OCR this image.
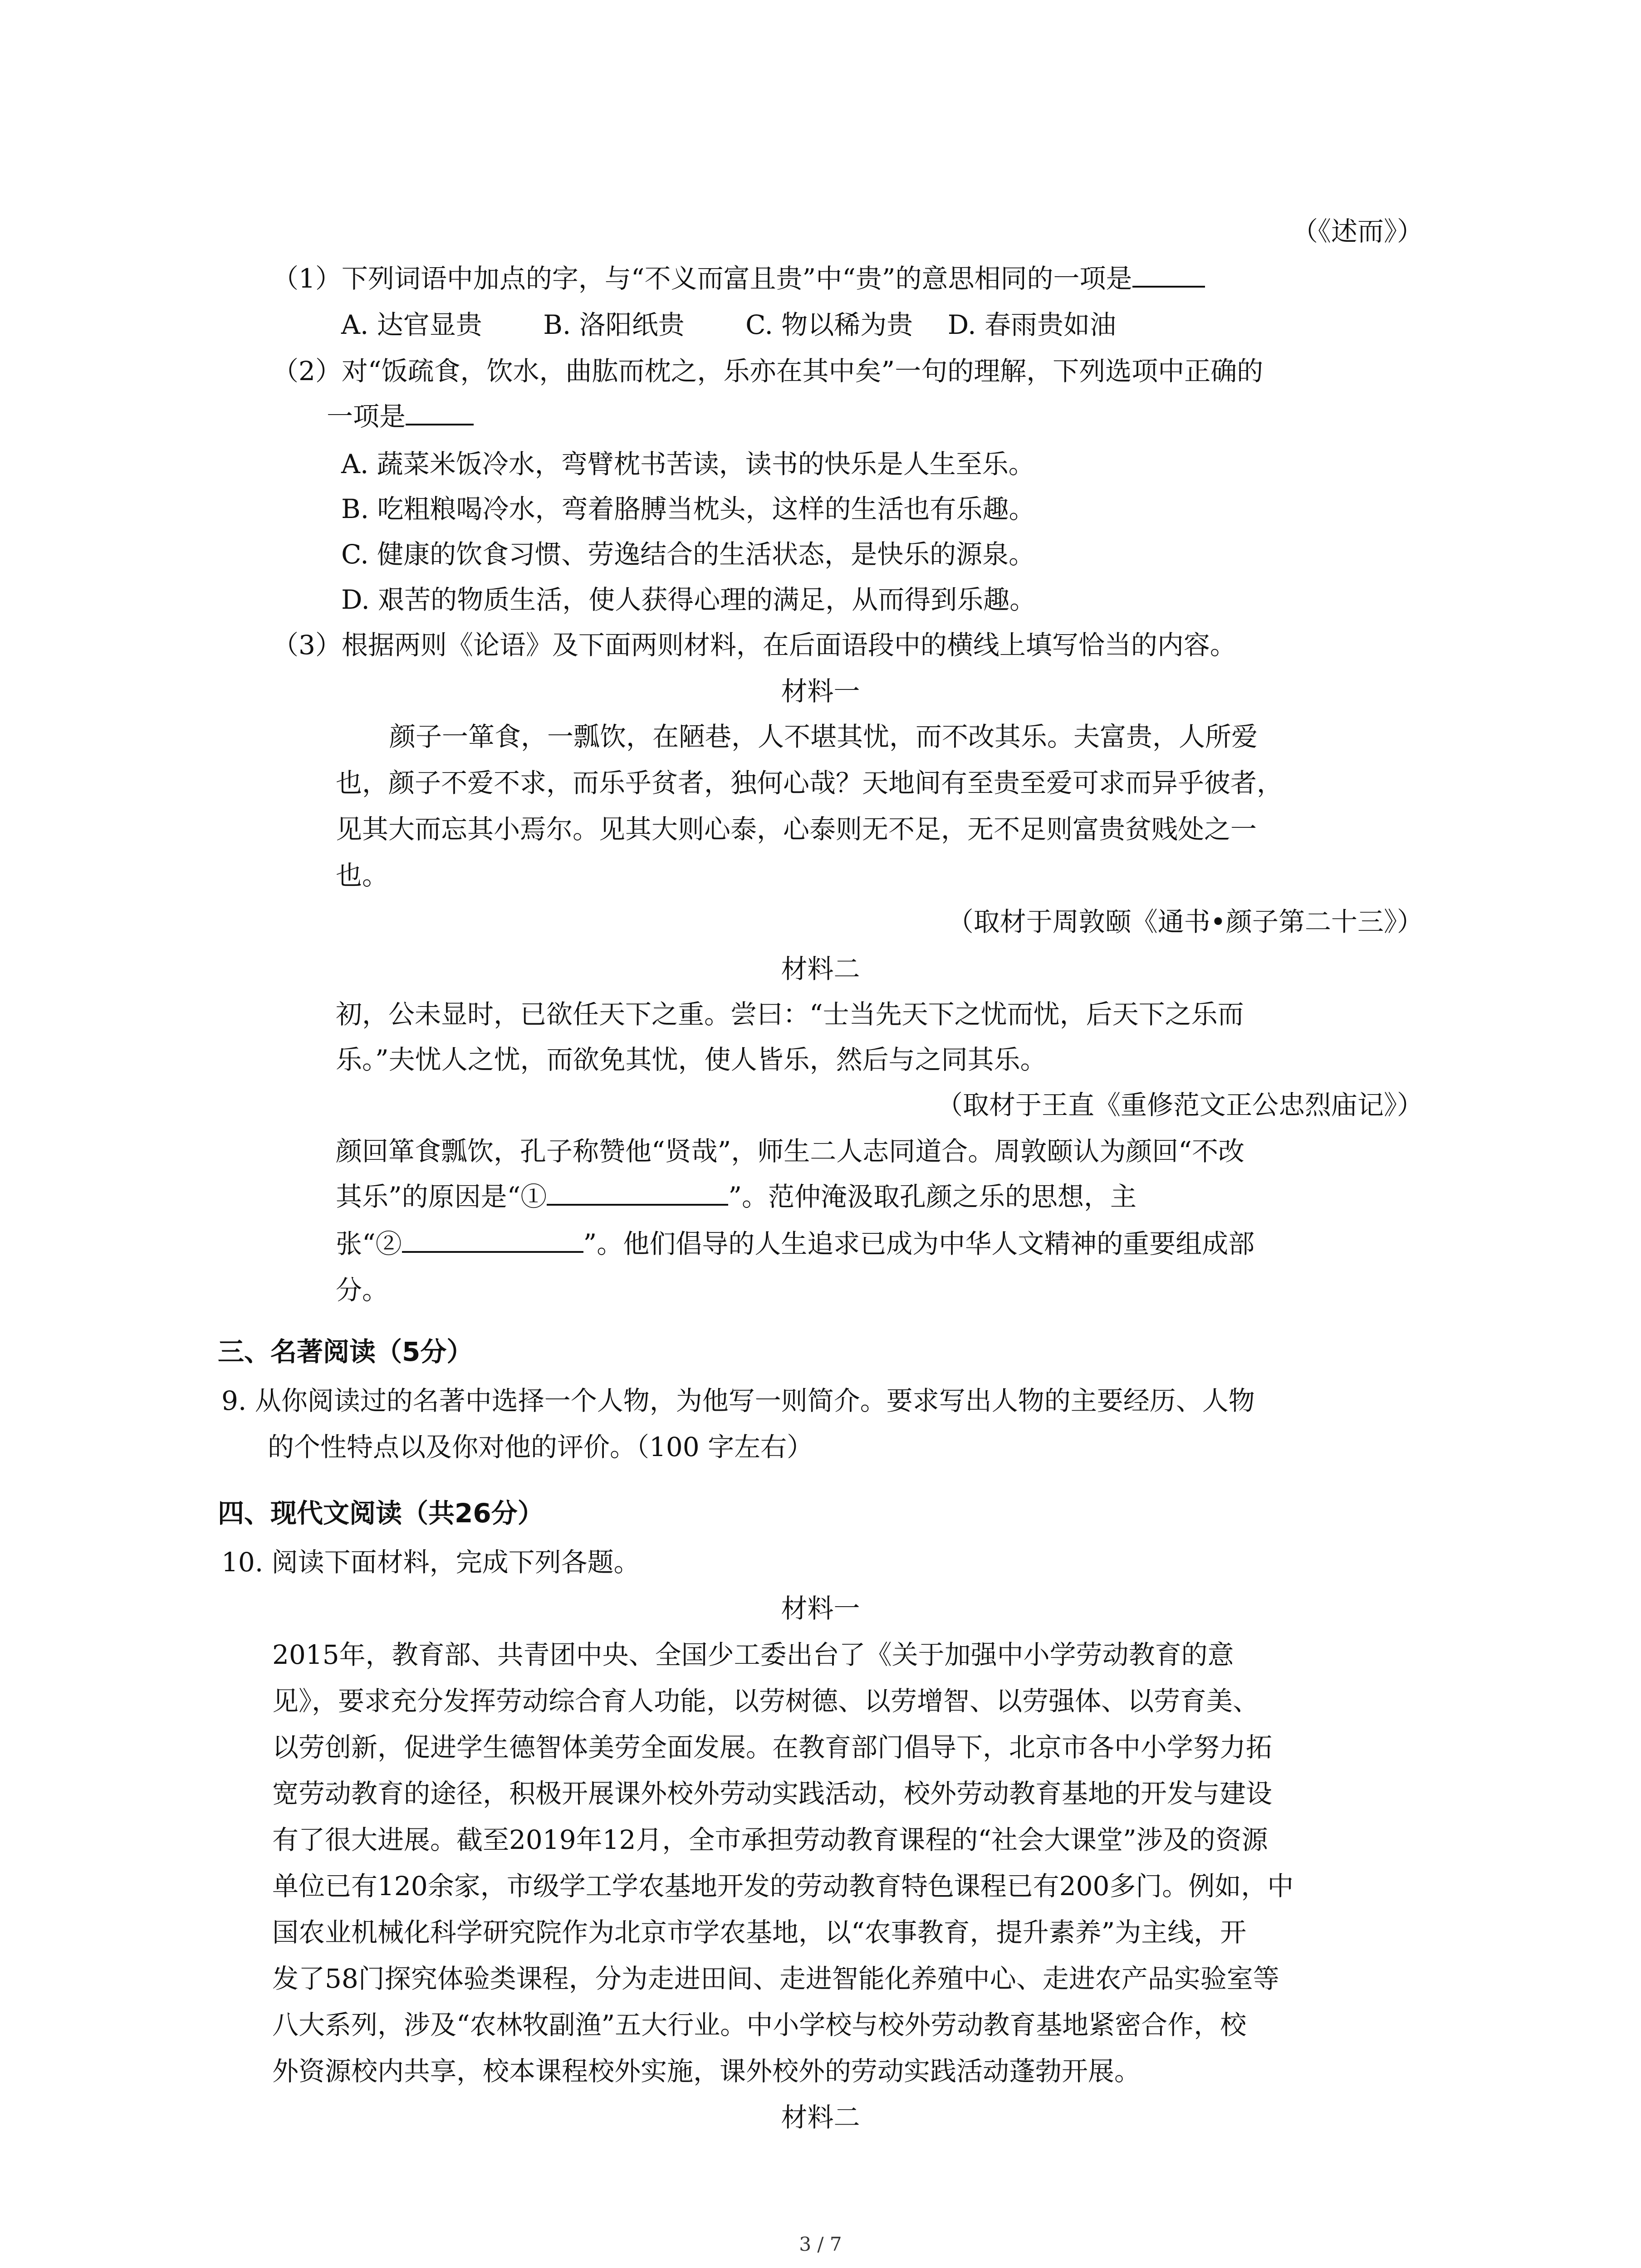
（《述而》）
（1）下列词语中加点的字，与“不义而富且贵”中“贵”的意思相同的一项是
A. 达官显贵　　 B. 洛阳纸贵　　 C. 物以稀为贵　 D. 春雨贵如油
（2）对“饭疏食，饮水，曲肱而枕之，乐亦在其中矣”一句的理解，下列选项中正确的
一项是
A. 蔬菜米饭冷水，弯臂枕书苦读，读书的快乐是人生至乐。
B. 吃粗粮喝冷水，弯着胳膊当枕头，这样的生活也有乐趣。
C. 健康的饮食习惯、劳逸结合的生活状态，是快乐的源泉。
D. 艰苦的物质生活，使人获得心理的满足，从而得到乐趣。
（3）根据两则《论语》及下面两则材料，在后面语段中的横线上填写恰当的内容。
材料一
颜子一箪食，一瓢饮，在陋巷，人不堪其忧，而不改其乐。夫富贵，人所爱
也，颜子不爱不求，而乐乎贫者，独何心哉？天地间有至贵至爱可求而异乎彼者，
见其大而忘其小焉尔。见其大则心泰，心泰则无不足，无不足则富贵贫贱处之一
也。
（取材于周敦颐《通书•颜子第二十三》）
材料二
初，公未显时，已欲任天下之重。尝曰：“士当先天下之忧而忧，后天下之乐而
乐。”夫忧人之忧，而欲免其忧，使人皆乐，然后与之同其乐。
（取材于王直《重修范文正公忠烈庙记》）
颜回箪食瓢饮，孔子称赞他“贤哉”，师生二人志同道合。周敦颐认为颜回“不改
其乐”的原因是“①	”。范仲淹汲取孔颜之乐的思想，主
张“②	”。他们倡导的人生追求已成为中华人文精神的重要组成部
分。
三、名著阅读（5分）
9. 从你阅读过的名著中选择一个人物，为他写一则简介。要求写出人物的主要经历、人物
的个性特点以及你对他的评价。（100 字左右）
四、现代文阅读（共26分）
10. 阅读下面材料，完成下列各题。
材料一
2015年，教育部、共青团中央、全国少工委出台了《关于加强中小学劳动教育的意
见》，要求充分发挥劳动综合育人功能，以劳树德、以劳增智、以劳强体、以劳育美、
以劳创新，促进学生德智体美劳全面发展。在教育部门倡导下，北京市各中小学努力拓
宽劳动教育的途径，积极开展课外校外劳动实践活动，校外劳动教育基地的开发与建设
有了很大进展。截至2019年12月，全市承担劳动教育课程的“社会大课堂”涉及的资源
单位已有120余家，市级学工学农基地开发的劳动教育特色课程已有200多门。例如，中
国农业机械化科学研究院作为北京市学农基地，以“农事教育，提升素养”为主线，开
发了58门探究体验类课程，分为走进田间、走进智能化养殖中心、走进农产品实验室等
八大系列，涉及“农林牧副渔”五大行业。中小学校与校外劳动教育基地紧密合作，校
外资源校内共享，校本课程校外实施，课外校外的劳动实践活动蓬勃开展。
材料二
3 / 7
